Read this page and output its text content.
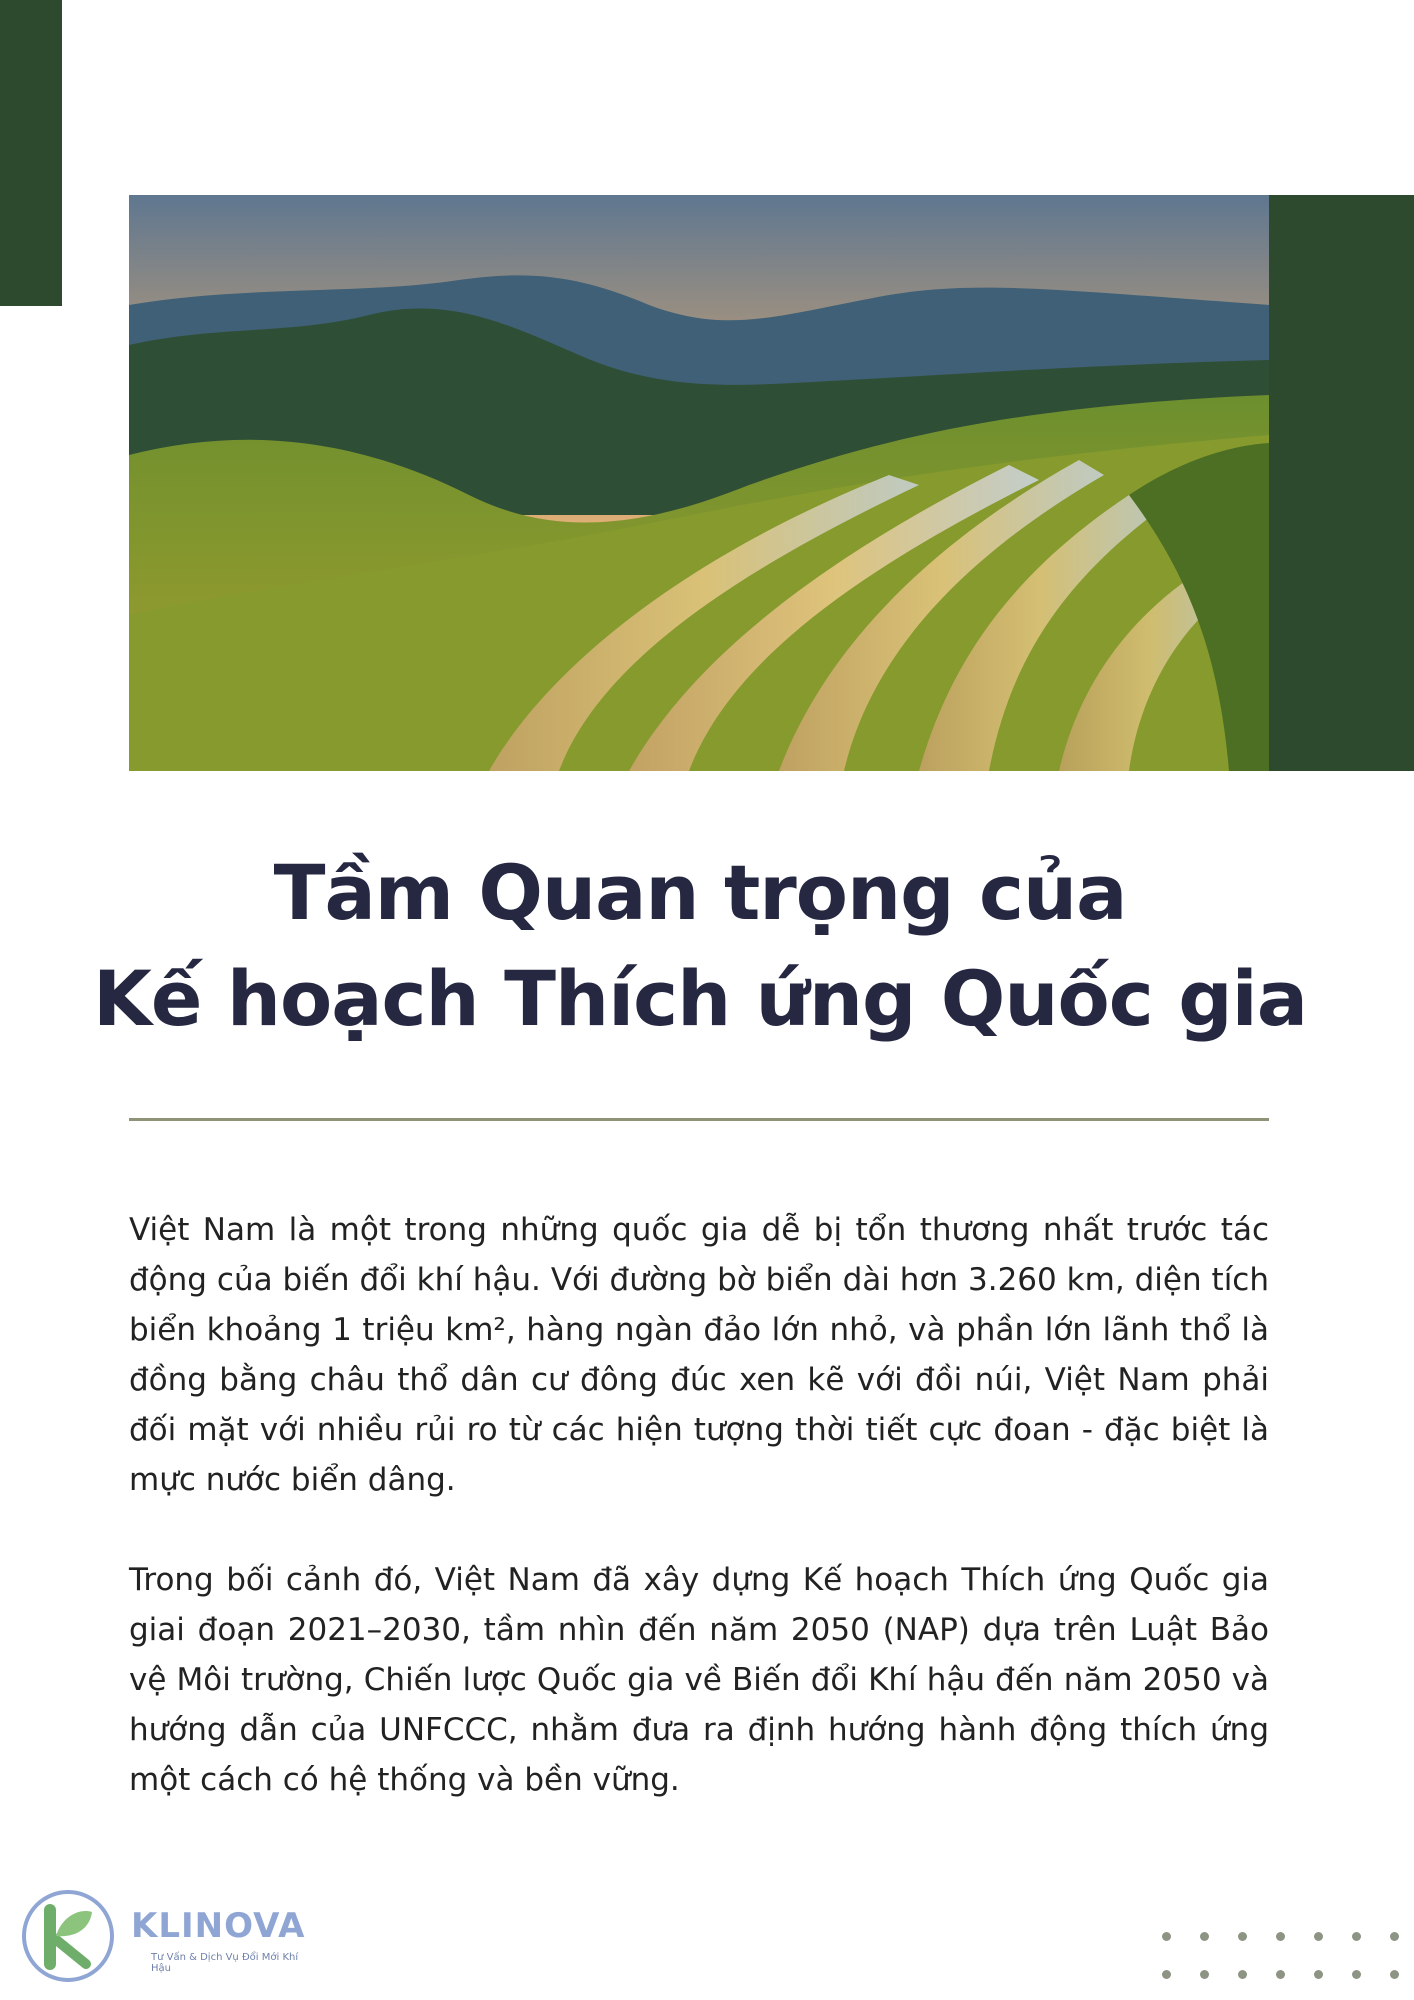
Tầm Quan trọng của
Kế hoạch Thích ứng Quốc gia

Việt Nam là một trong những quốc gia dễ bị tổn thương nhất trước tác động của biến đổi khí hậu. Với đường bờ biển dài hơn 3.260 km, diện tích biển khoảng 1 triệu km², hàng ngàn đảo lớn nhỏ, và phần lớn lãnh thổ là đồng bằng châu thổ dân cư đông đúc xen kẽ với đồi núi, Việt Nam phải đối mặt với nhiều rủi ro từ các hiện tượng thời tiết cực đoan - đặc biệt là mực nước biển dâng.

Trong bối cảnh đó, Việt Nam đã xây dựng Kế hoạch Thích ứng Quốc gia giai đoạn 2021–2030, tầm nhìn đến năm 2050 (NAP) dựa trên Luật Bảo vệ Môi trường, Chiến lược Quốc gia về Biến đổi Khí hậu đến năm 2050 và hướng dẫn của UNFCCC, nhằm đưa ra định hướng hành động thích ứng một cách có hệ thống và bền vững.

KLINOVA
Tư Vấn & Dịch Vụ Đổi Mới Khí Hậu
